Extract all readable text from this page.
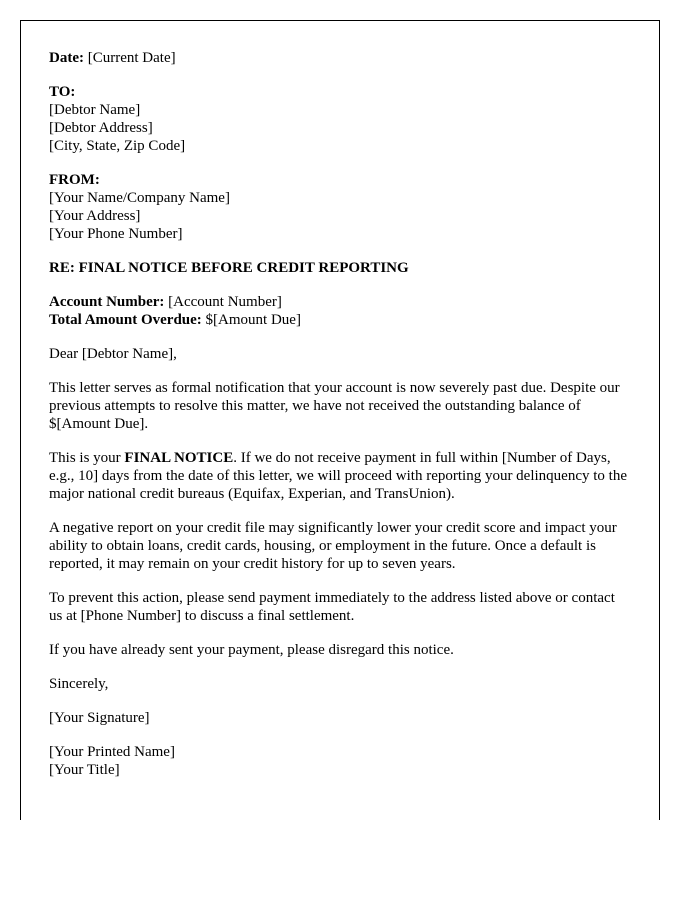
Date: [Current Date]
TO:
[Debtor Name]
[Debtor Address]
[City, State, Zip Code]
FROM:
[Your Name/Company Name]
[Your Address]
[Your Phone Number]
RE: FINAL NOTICE BEFORE CREDIT REPORTING
Account Number: [Account Number]
Total Amount Overdue: $[Amount Due]

Dear [Debtor Name],

This letter serves as formal notification that your account is now severely past due. Despite our previous attempts to resolve this matter, we have not received the outstanding balance of $[Amount Due].

This is your FINAL NOTICE. If we do not receive payment in full within [Number of Days, e.g., 10] days from the date of this letter, we will proceed with reporting your delinquency to the major national credit bureaus (Equifax, Experian, and TransUnion).

A negative report on your credit file may significantly lower your credit score and impact your ability to obtain loans, credit cards, housing, or employment in the future. Once a default is reported, it may remain on your credit history for up to seven years.

To prevent this action, please send payment immediately to the address listed above or contact us at [Phone Number] to discuss a final settlement.

If you have already sent your payment, please disregard this notice.

Sincerely,

[Your Signature]

[Your Printed Name]
[Your Title]
